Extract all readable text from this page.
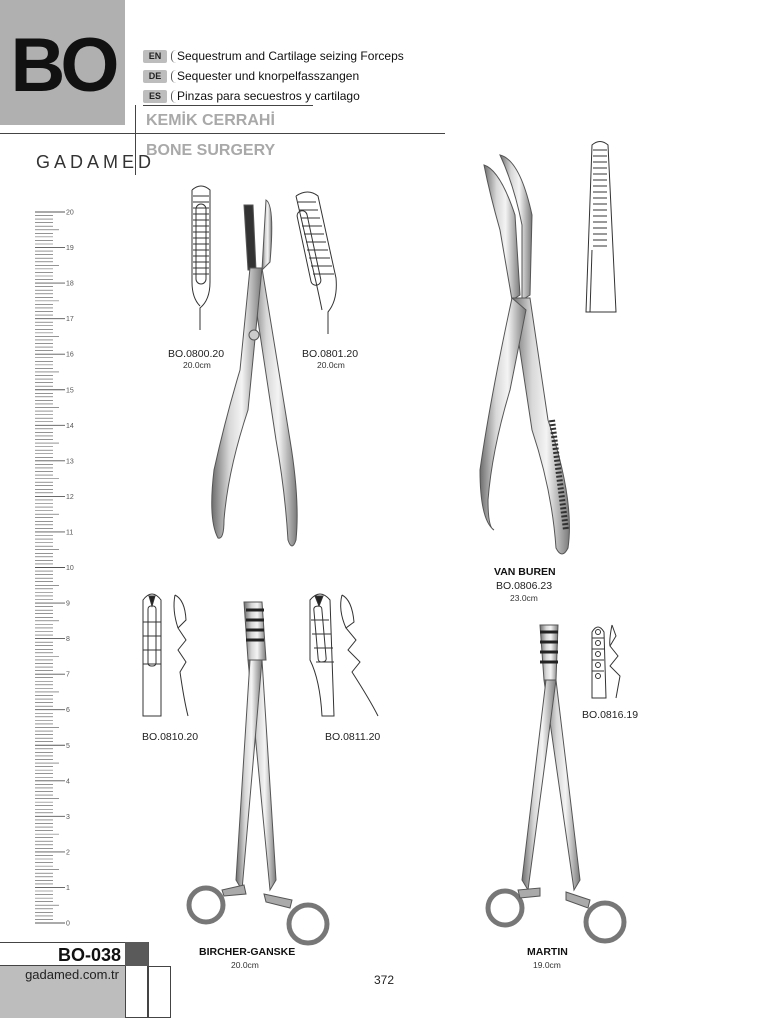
BO	EN	Sequestrum and Cartilage seizing Forceps
DE	Sequester und knorpelfasszangen
ES	Pinzas para secuestros y cartilago
KEMİK CERRAHİ
BONE SURGERY
GADAMED
20
19
18
17
16
15
14
13
12
11
10
9
8
7
6
5
4
3
2
1
0
BO.0800.20
20.0cm
BO.0801.20
20.0cm
VAN BUREN
BO.0806.23
23.0cm
BO.0810.20	BO.0811.20
BO.0816.19
BIRCHER-GANSKE
20.0cm
MARTIN
19.0cm
BO-038
gadamed.com.tr	372
